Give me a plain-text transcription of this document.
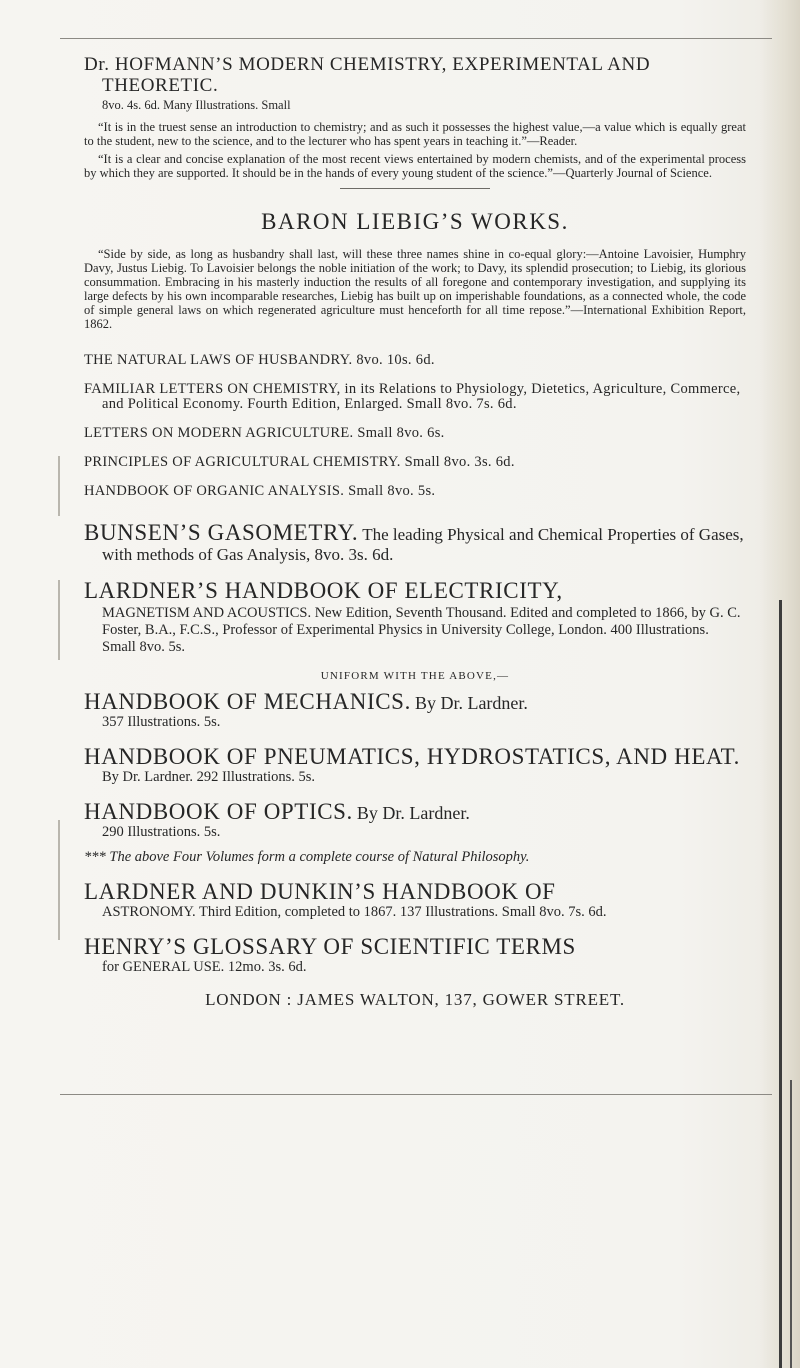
Dr. HOFMANN’S MODERN CHEMISTRY, EXPERIMENTAL AND THEORETIC.

8vo. 4s. 6d. Many Illustrations. Small

“It is in the truest sense an introduction to chemistry; and as such it possesses the highest value,—a value which is equally great to the student, new to the science, and to the lecturer who has spent years in teaching it.”—Reader.

“It is a clear and concise explanation of the most recent views entertained by modern chemists, and of the experimental process by which they are supported. It should be in the hands of every young student of the science.”—Quarterly Journal of Science.

BARON LIEBIG’S WORKS.

“Side by side, as long as husbandry shall last, will these three names shine in co-equal glory:—Antoine Lavoisier, Humphry Davy, Justus Liebig. To Lavoisier belongs the noble initiation of the work; to Davy, its splendid prosecution; to Liebig, its glorious consummation. Embracing in his masterly induction the results of all foregone and contemporary investigation, and supplying its large defects by his own incomparable researches, Liebig has built up on imperishable foundations, as a connected whole, the code of simple general laws on which regenerated agriculture must henceforth for all time repose.”—International Exhibition Report, 1862.

THE NATURAL LAWS OF HUSBANDRY. 8vo. 10s. 6d.

FAMILIAR LETTERS ON CHEMISTRY, in its Relations to Physiology, Dietetics, Agriculture, Commerce, and Political Economy. Fourth Edition, Enlarged. Small 8vo. 7s. 6d.

LETTERS ON MODERN AGRICULTURE. Small 8vo. 6s.

PRINCIPLES OF AGRICULTURAL CHEMISTRY. Small 8vo. 3s. 6d.

HANDBOOK OF ORGANIC ANALYSIS. Small 8vo. 5s.

BUNSEN’S GASOMETRY. The leading Physical and Chemical Properties of Gases, with methods of Gas Analysis, 8vo. 3s. 6d.

LARDNER’S HANDBOOK OF ELECTRICITY,

MAGNETISM AND ACOUSTICS. New Edition, Seventh Thousand. Edited and completed to 1866, by G. C. Foster, B.A., F.C.S., Professor of Experimental Physics in University College, London. 400 Illustrations. Small 8vo. 5s.

UNIFORM WITH THE ABOVE,—

HANDBOOK OF MECHANICS. By Dr. Lardner.

357 Illustrations. 5s.

HANDBOOK OF PNEUMATICS, HYDROSTATICS, AND HEAT.

By Dr. Lardner. 292 Illustrations. 5s.

HANDBOOK OF OPTICS. By Dr. Lardner.

290 Illustrations. 5s.

*** The above Four Volumes form a complete course of Natural Philosophy.

LARDNER AND DUNKIN’S HANDBOOK OF

ASTRONOMY. Third Edition, completed to 1867. 137 Illustrations. Small 8vo. 7s. 6d.

HENRY’S GLOSSARY OF SCIENTIFIC TERMS

for GENERAL USE. 12mo. 3s. 6d.

LONDON : JAMES WALTON, 137, GOWER STREET.
